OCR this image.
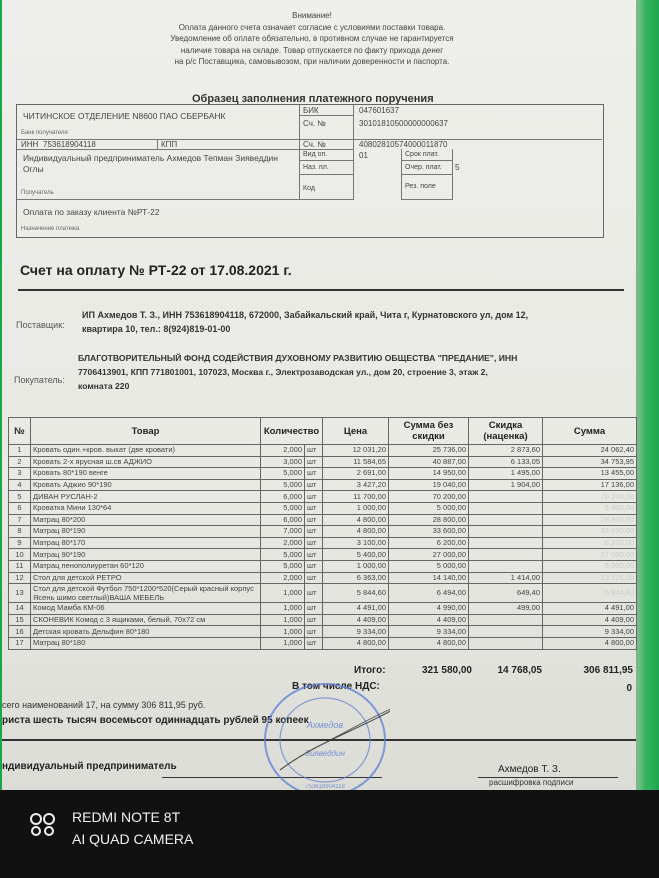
Внимание!
Оплата данного счета означает согласие с условиями поставки товара.
Уведомление об оплате обязательно, в противном случае не гарантируется
наличие товара на складе. Товар отпускается по факту прихода денег
на р/с Поставщика, самовывозом, при наличии доверенности и паспорта.
Образец заполнения платежного поручения
ЧИТИНСКОЕ ОТДЕЛЕНИЕ N8600 ПАО СБЕРБАНК
Банк получателя
БИК	047601637
Сч. №	30101810500000000637
ИНН 753618904118	КПП	Сч. №	40802810574000011870
Индивидуальный предприниматель Ахмедов Тепман Зияведдин Оглы
Получатель
Вид оп.	01	Срок плат.
Наз. пл.	Очер. плат. 5
Код	Рез. поле
Оплата по заказу клиента №РТ-22
Назначение платежа
Счет на оплату № РТ-22 от 17.08.2021 г.
Поставщик:
ИП Ахмедов Т. З., ИНН 753618904118, 672000, Забайкальский край, Чита г, Курнатовского ул, дом 12,
квартира 10, тел.: 8(924)819-01-00
Покупатель:
БЛАГОТВОРИТЕЛЬНЫЙ ФОНД СОДЕЙСТВИЯ ДУХОВНОМУ РАЗВИТИЮ ОБЩЕСТВА "ПРЕДАНИЕ", ИНН
7706413901, КПП 771801001, 107023, Москва г., Электрозаводская ул., дом 20, строение 3, этаж 2,
комната 220
№	Товар	Количество		Цена	Сумма без скидки	Скидка (наценка)	Сумма
1	Кровать один.+кров. выкат (две кровати)	2,000	шт	12 031,20	25 736,00	2 873,60	24 062,40
2	Кровать 2-х ярусная ш.св АДЖИО	3,000	шт	11 584,65	40 887,00	6 133,05	34 753,95
3	Кровать 80*190 венге	5,000	шт	2 691,00	14 950,00	1 495,00	13 455,00
4	Кровать Аджио 90*190	5,000	шт	3 427,20	19 040,00	1 904,00	17 136,00
5	ДИВАН РУСЛАН-2	6,000	шт	11 700,00	70 200,00		70 200,00
6	Кроватка Мини 130*64	5,000	шт	1 000,00	5 000,00		5 000,00
7	Матрац 80*200	6,000	шт	4 800,00	28 800,00		28 800,00
8	Матрац 80*190	7,000	шт	4 800,00	33 600,00		33 600,00
9	Матрац 80*170	2,000	шт	3 100,00	6 200,00		6 200,00
10	Матрац 90*190	5,000	шт	5 400,00	27 000,00		27 000,00
11	Матрац пенополиуретан 60*120	5,000	шт	1 000,00	5 000,00		5 000,00
12	Стол для детской РЕТРО	2,000	шт	6 363,00	14 140,00	1 414,00	12 726,00
13	Стол для детской Футбол 750*1200*520(Серый красный корпус Ясень шимо светлый)ВАША МЕБЕЛЬ	1,000	шт	5 844,60	6 494,00	649,40	5 844,60
14	Комод Мамба КМ-06	1,000	шт	4 491,00	4 990,00	499,00	4 491,00
15	СКОНЕВИК Комод с 3 ящиками, белый, 70x72 см	1,000	шт	4 409,00	4 409,00		4 409,00
16	Детская кровать Дельфин 80*180	1,000	шт	9 334,00	9 334,00		9 334,00
17	Матрац 80*180	1,000	шт	4 800,00	4 800,00		4 800,00
Итого:	321 580,00	14 768,05	306 811,95
В том числе НДС:	0
сего наименований 17, на сумму 306 811,95 руб.
риста шесть тысяч восемьсот одиннадцать рублей 95 копеек
ндивидуальный предприниматель	Ахмедов Т. З.
расшифровка подписи
Ахмедов
Зияведдин
753618904118
REDMI NOTE 8T
AI QUAD CAMERA
